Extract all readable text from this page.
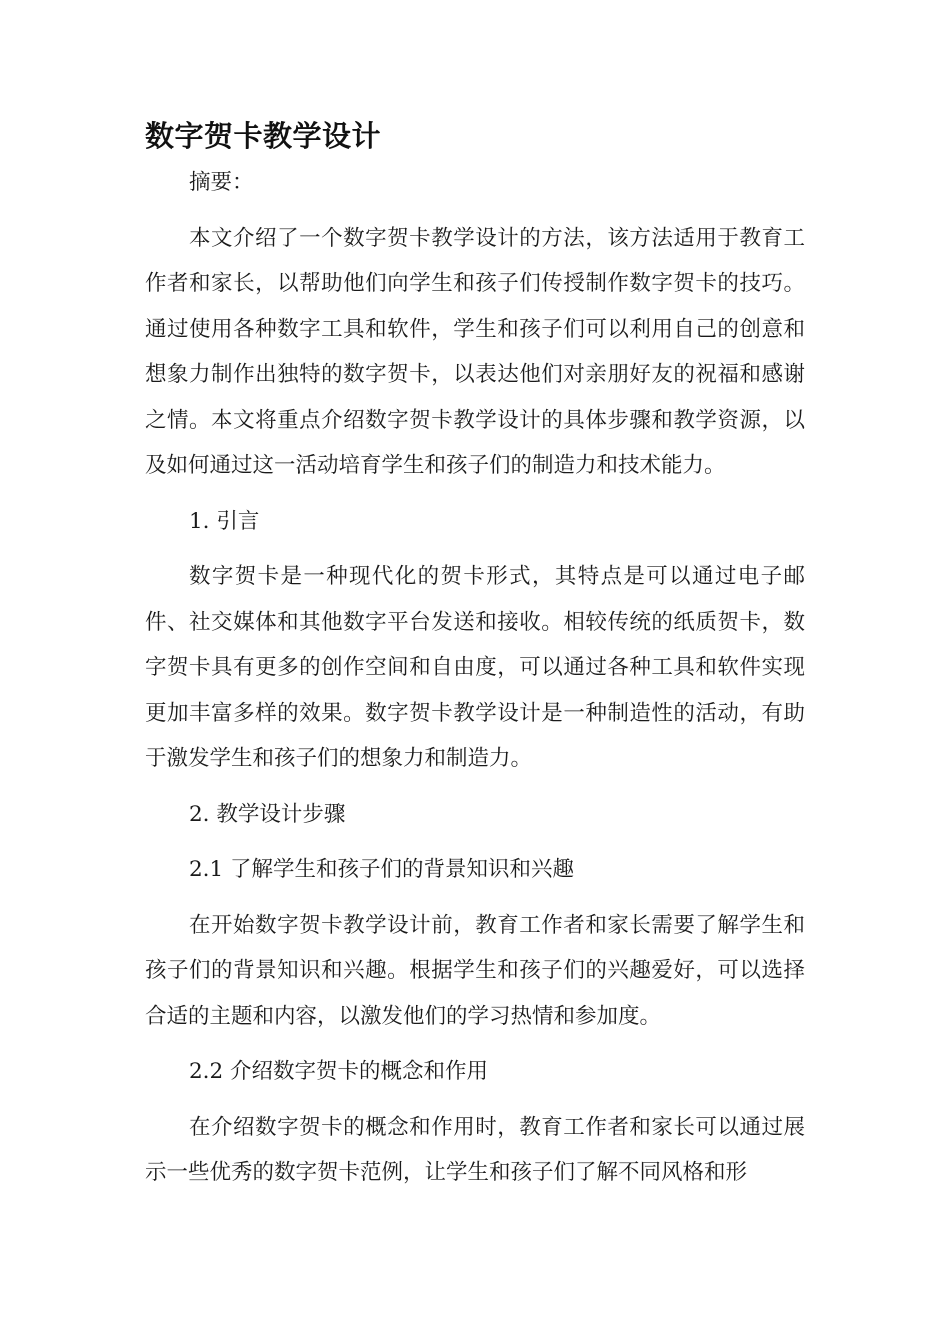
数字贺卡教学设计

摘要：

本文介绍了一个数字贺卡教学设计的方法，该方法适用于教育工作者和家长，以帮助他们向学生和孩子们传授制作数字贺卡的技巧。通过使用各种数字工具和软件，学生和孩子们可以利用自己的创意和想象力制作出独特的数字贺卡，以表达他们对亲朋好友的祝福和感谢之情。本文将重点介绍数字贺卡教学设计的具体步骤和教学资源，以及如何通过这一活动培育学生和孩子们的制造力和技术能力。

1. 引言

数字贺卡是一种现代化的贺卡形式，其特点是可以通过电子邮件、社交媒体和其他数字平台发送和接收。相较传统的纸质贺卡，数字贺卡具有更多的创作空间和自由度，可以通过各种工具和软件实现更加丰富多样的效果。数字贺卡教学设计是一种制造性的活动，有助于激发学生和孩子们的想象力和制造力。

2. 教学设计步骤

2.1 了解学生和孩子们的背景知识和兴趣

在开始数字贺卡教学设计前，教育工作者和家长需要了解学生和孩子们的背景知识和兴趣。根据学生和孩子们的兴趣爱好，可以选择合适的主题和内容，以激发他们的学习热情和参加度。

2.2 介绍数字贺卡的概念和作用

在介绍数字贺卡的概念和作用时，教育工作者和家长可以通过展示一些优秀的数字贺卡范例，让学生和孩子们了解不同风格和形
